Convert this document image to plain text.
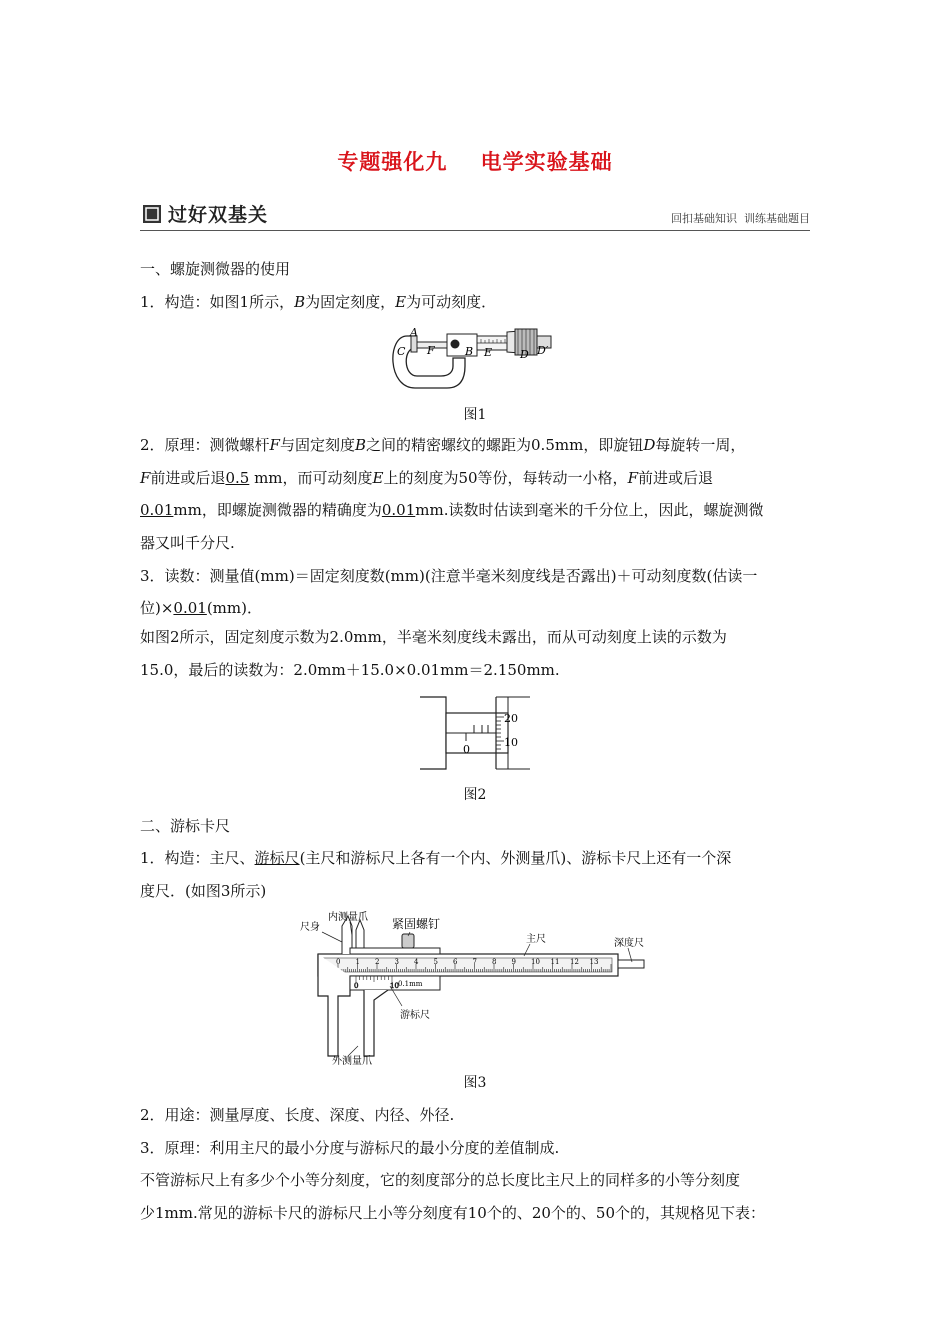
专题强化九 电学实验基础
过好双基关	回扣基础知识  训练基础题目
一、螺旋测微器的使用
1．构造：如图1所示，B为固定刻度，E为可动刻度．
A
C F	B E	D D′
图1
2．原理：测微螺杆F与固定刻度B之间的精密螺纹的螺距为0.5mm，即旋钮D每旋转一周，
F前进或后退0.5 mm，而可动刻度E上的刻度为50等份，每转动一小格，F前进或后退
0.01mm，即螺旋测微器的精确度为0.01mm.读数时估读到毫米的千分位上，因此，螺旋测微
器又叫千分尺.
3．读数：测量值(mm)＝固定刻度数(mm)(注意半毫米刻度线是否露出)＋可动刻度数(估读一
位)×0.01(mm)．
如图2所示，固定刻度示数为2.0mm，半毫米刻度线未露出，而从可动刻度上读的示数为
15.0，最后的读数为：2.0mm＋15.0×0.01mm＝2.150mm.
0
20
10
图2
二、游标卡尺
1．构造：主尺、游标尺(主尺和游标尺上各有一个内、外测量爪)、游标卡尺上还有一个深
度尺．(如图3所示)
0 1 2 3 4 5 6 7 8 9 10 11 12 13
0	10
尺身
内测量爪 紧固螺钉
主尺	深度尺
0.1mm
游标尺
外测量爪
图3
2．用途：测量厚度、长度、深度、内径、外径.
3．原理：利用主尺的最小分度与游标尺的最小分度的差值制成.
不管游标尺上有多少个小等分刻度，它的刻度部分的总长度比主尺上的同样多的小等分刻度
少1mm.常见的游标卡尺的游标尺上小等分刻度有10个的、20个的、50个的，其规格见下表：
